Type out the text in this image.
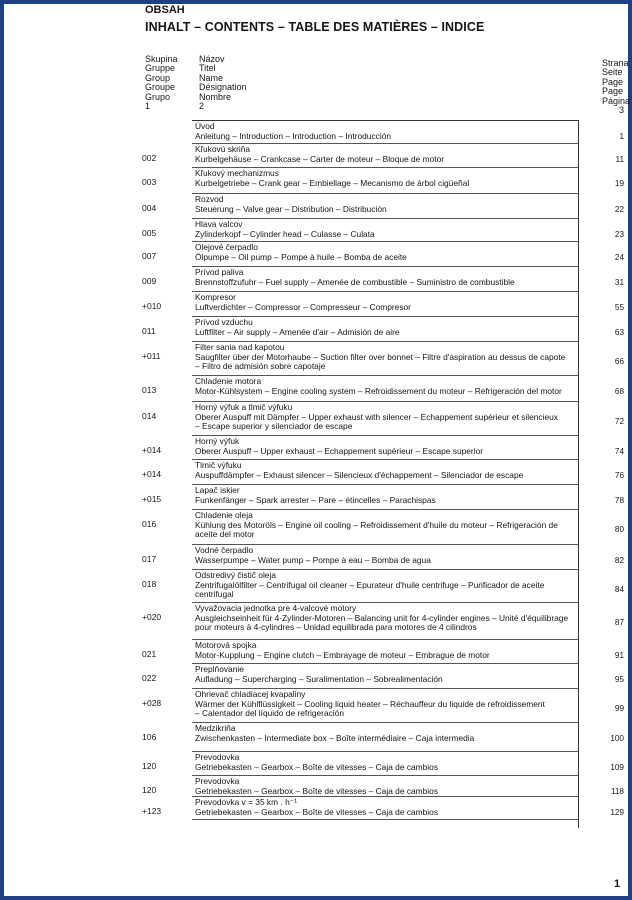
OBSAH
INHALT – CONTENTS – TABLE DES MATIÈRES – INDICE
Skupina
Gruppe
Group
Groupe
Grupo
1
Názov
Titel
Name
Désignation
Nombre
2
Strana
Seite
Page
Page
Página
3
Úvod
Anleitung – Introduction – Introduction – Introducción	1
002
Kľukovú skriňa
Kurbelgehäuse – Crankcase – Carter de moteur – Bloque de motor	11
003
Kľukový mechanizmus
Kurbelgetriebe – Crank gear – Embiellage – Mecanismo de árbol cigüeñal	19
004
Rozvod
Steuerung – Valve gear – Distribution – Distribución	22
005
Hlava valcov
Zylinderkopf – Cylinder head – Culasse – Culata	23
007
Olejové čerpadlo
Ölpumpe – Oil pump – Pompe à huile – Bomba de aceite	24
009
Prívod paliva
Brennstoffzufuhr – Fuel supply – Amenée de combustible – Suministro de combustible	31
+010
Kompresor
Luftverdichter – Compressor – Compresseur – Compresor	55
011
Prívod vzduchu
Luftfilter – Air supply – Amenée d'air – Admisión de aire	63
+011
Filter sania nad kapotou
Saugfilter über der Motorhaube – Suction filter over bonnet – Filtre d'aspiration au dessus de capote
– Filtro de admisión sobre capotaje	66
013
Chladenie motora
Motor-Kühlsystem – Engine cooling system – Refroidissement du moteur – Refrigeración del motor	68
014
Horný výfuk a tlmič výfuku
Oberer Auspuff mit Dämpfer – Upper exhaust with silencer – Echappement supérieur et silencieux
– Escape superior y silenciador de escape	72
+014
Horný výfuk
Oberer Auspuff – Upper exhaust – Echappement supérieur – Escape superior	74
+014
Tlmič výfuku
Auspuffdämpfer – Exhaust silencer – Silencieux d'échappement – Silenciador de escape	76
+015
Lapač iskier
Funkenfänger – Spark arrester – Pare – étincelles – Parachispas	78
016
Chladenie oleja
Kühlung des Motoröls – Engine oil cooling – Refroidissement d'huile du moteur – Refrigeración de
aceite del motor	80
017
Vodné čerpadlo
Wasserpumpe – Water pump – Pompe à eau – Bomba de agua	82
018
Odstredivý čistič oleja
Zentrifugalölfilter – Centrifugal oil cleaner – Epurateur d'huile centrifuge – Purificador de aceite
centrifugal	84
+020
Vyvažovacia jednotka pre 4-valcové motory
Ausgleichseinheit für 4-Zylinder-Motoren – Balancing unit for 4-cylinder engines – Unité d'équilibrage
pour moteurs à 4-cylindres – Unidad equilibrada para motores de 4 cilindros	87
021
Motorová spojka
Motor-Kupplung – Engine clutch – Embrayage de moteur – Embrague de motor	91
022
Preplňovanie
Aufladung – Supercharging – Suralimentation – Sobrealimentación	95
+028
Ohrievač chladiacej kvapaliny
Wärmer der Kühlflüssigkeit – Cooling liquid heater – Réchauffeur du liquide de refroidissement
– Calentador del líquido de refrigeración	99
106
Medzikriňa
Zwischenkasten – Intermediate box – Boîte intermédiaire – Caja intermedia	100
120
Prevodovka
Getriebekasten – Gearbox – Boîte de vitesses – Caja de cambios	109
120
Prevodovka
Getriebekasten – Gearbox – Boîte de vitesses – Caja de cambios	118
+123
Prevodovka v = 35 km . h⁻¹
Getriebekasten – Gearbox – Boîte de vitesses – Caja de cambios	129
1
